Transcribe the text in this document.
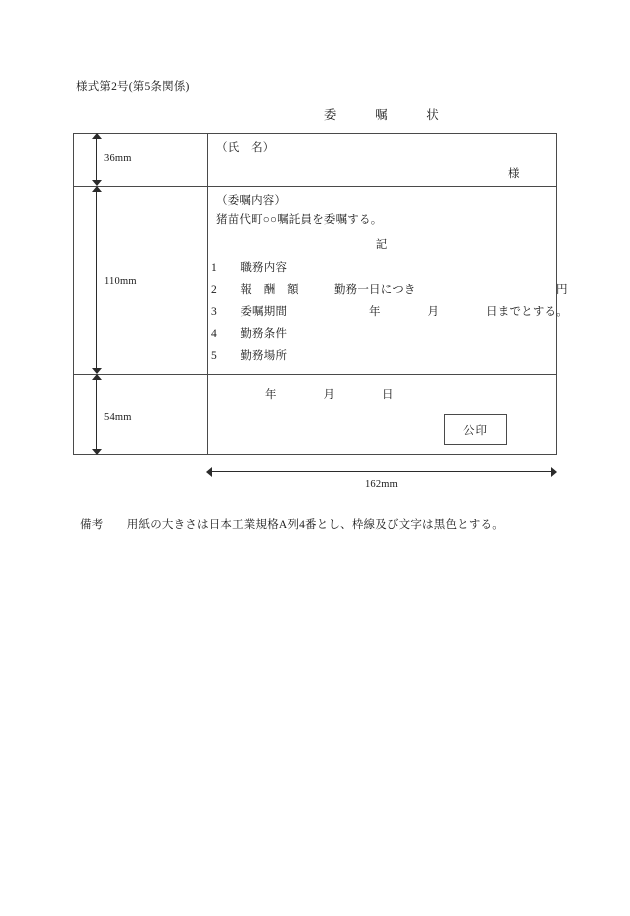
様式第2号(第5条関係)
委　　　嘱　　　状
36mm
110mm
54mm
（氏　名）
様
（委嘱内容）
猪苗代町○○嘱託員を委嘱する。
記
1　　職務内容
2　　報　酬　額　　　勤務一日につき　　　　　　　　　　　　円
3　　委嘱期間　　　　　　　年　　　　月　　　　日までとする。
4　　勤務条件
5　　勤務場所
年　　　　月　　　　日
公印
162mm
備考　　用紙の大きさは日本工業規格A列4番とし、枠線及び文字は黒色とする。
